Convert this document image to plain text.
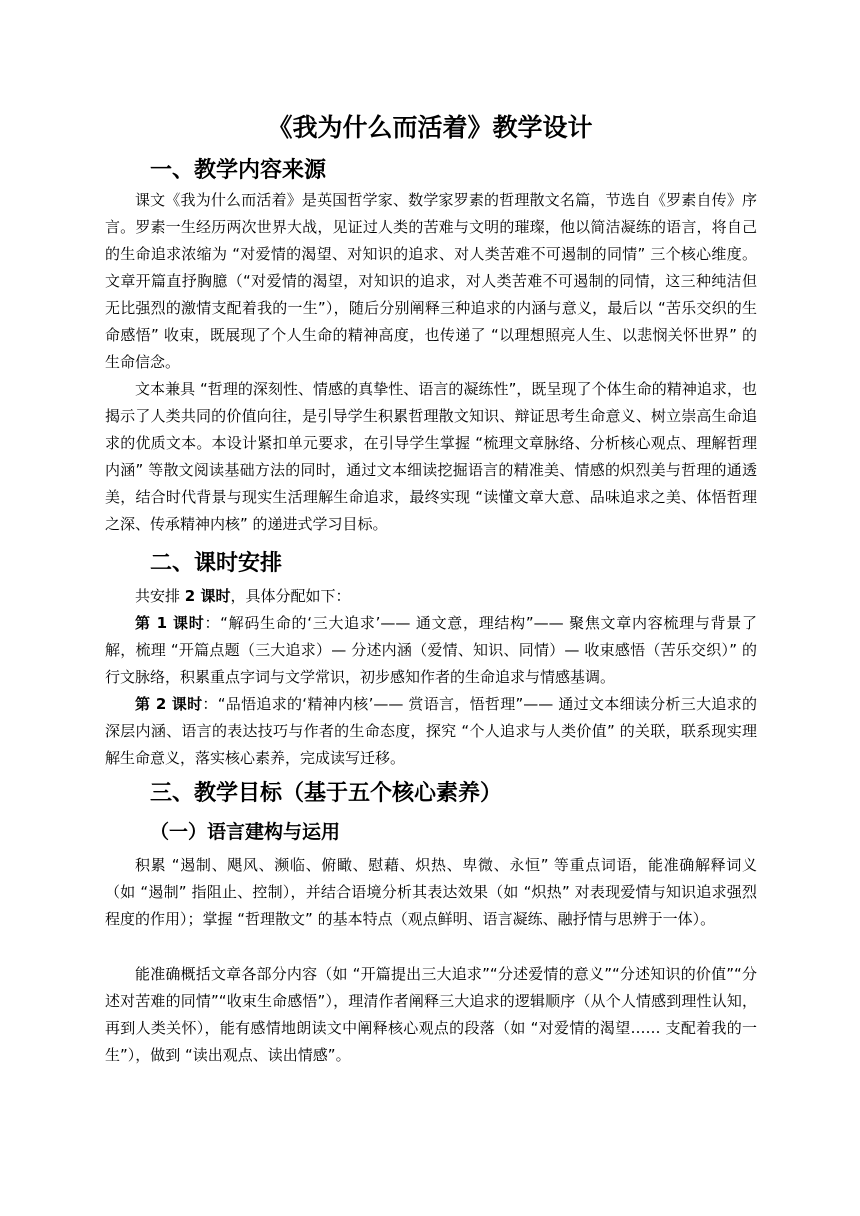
《我为什么而活着》教学设计
一、教学内容来源

课文《我为什么而活着》是英国哲学家、数学家罗素的哲理散文名篇，节选自《罗素自传》序言。罗素一生经历两次世界大战，见证过人类的苦难与文明的璀璨，他以简洁凝练的语言，将自己的生命追求浓缩为 “对爱情的渴望、对知识的追求、对人类苦难不可遏制的同情” 三个核心维度。文章开篇直抒胸臆（“对爱情的渴望，对知识的追求，对人类苦难不可遏制的同情，这三种纯洁但无比强烈的激情支配着我的一生”），随后分别阐释三种追求的内涵与意义，最后以 “苦乐交织的生命感悟” 收束，既展现了个人生命的精神高度，也传递了 “以理想照亮人生、以悲悯关怀世界” 的生命信念。

文本兼具 “哲理的深刻性、情感的真挚性、语言的凝练性”，既呈现了个体生命的精神追求，也揭示了人类共同的价值向往，是引导学生积累哲理散文知识、辩证思考生命意义、树立崇高生命追求的优质文本。本设计紧扣单元要求，在引导学生掌握 “梳理文章脉络、分析核心观点、理解哲理内涵” 等散文阅读基础方法的同时，通过文本细读挖掘语言的精准美、情感的炽烈美与哲理的通透美，结合时代背景与现实生活理解生命追求，最终实现 “读懂文章大意、品味追求之美、体悟哲理之深、传承精神内核” 的递进式学习目标。

二、课时安排

共安排 2 课时，具体分配如下：

第 1 课时：“解码生命的‘三大追求’—— 通文意，理结构”—— 聚焦文章内容梳理与背景了解，梳理 “开篇点题（三大追求）— 分述内涵（爱情、知识、同情）— 收束感悟（苦乐交织）” 的行文脉络，积累重点字词与文学常识，初步感知作者的生命追求与情感基调。

第 2 课时：“品悟追求的‘精神内核’—— 赏语言，悟哲理”—— 通过文本细读分析三大追求的深层内涵、语言的表达技巧与作者的生命态度，探究 “个人追求与人类价值” 的关联，联系现实理解生命意义，落实核心素养，完成读写迁移。

三、教学目标（基于五个核心素养）
（一）语言建构与运用

积累 “遏制、飓风、濒临、俯瞰、慰藉、炽热、卑微、永恒” 等重点词语，能准确解释词义（如 “遏制” 指阻止、控制），并结合语境分析其表达效果（如 “炽热” 对表现爱情与知识追求强烈程度的作用）；掌握 “哲理散文” 的基本特点（观点鲜明、语言凝练、融抒情与思辨于一体）。

能准确概括文章各部分内容（如 “开篇提出三大追求”“分述爱情的意义”“分述知识的价值”“分述对苦难的同情”“收束生命感悟”），理清作者阐释三大追求的逻辑顺序（从个人情感到理性认知，再到人类关怀），能有感情地朗读文中阐释核心观点的段落（如 “对爱情的渴望…… 支配着我的一生”），做到 “读出观点、读出情感”。
